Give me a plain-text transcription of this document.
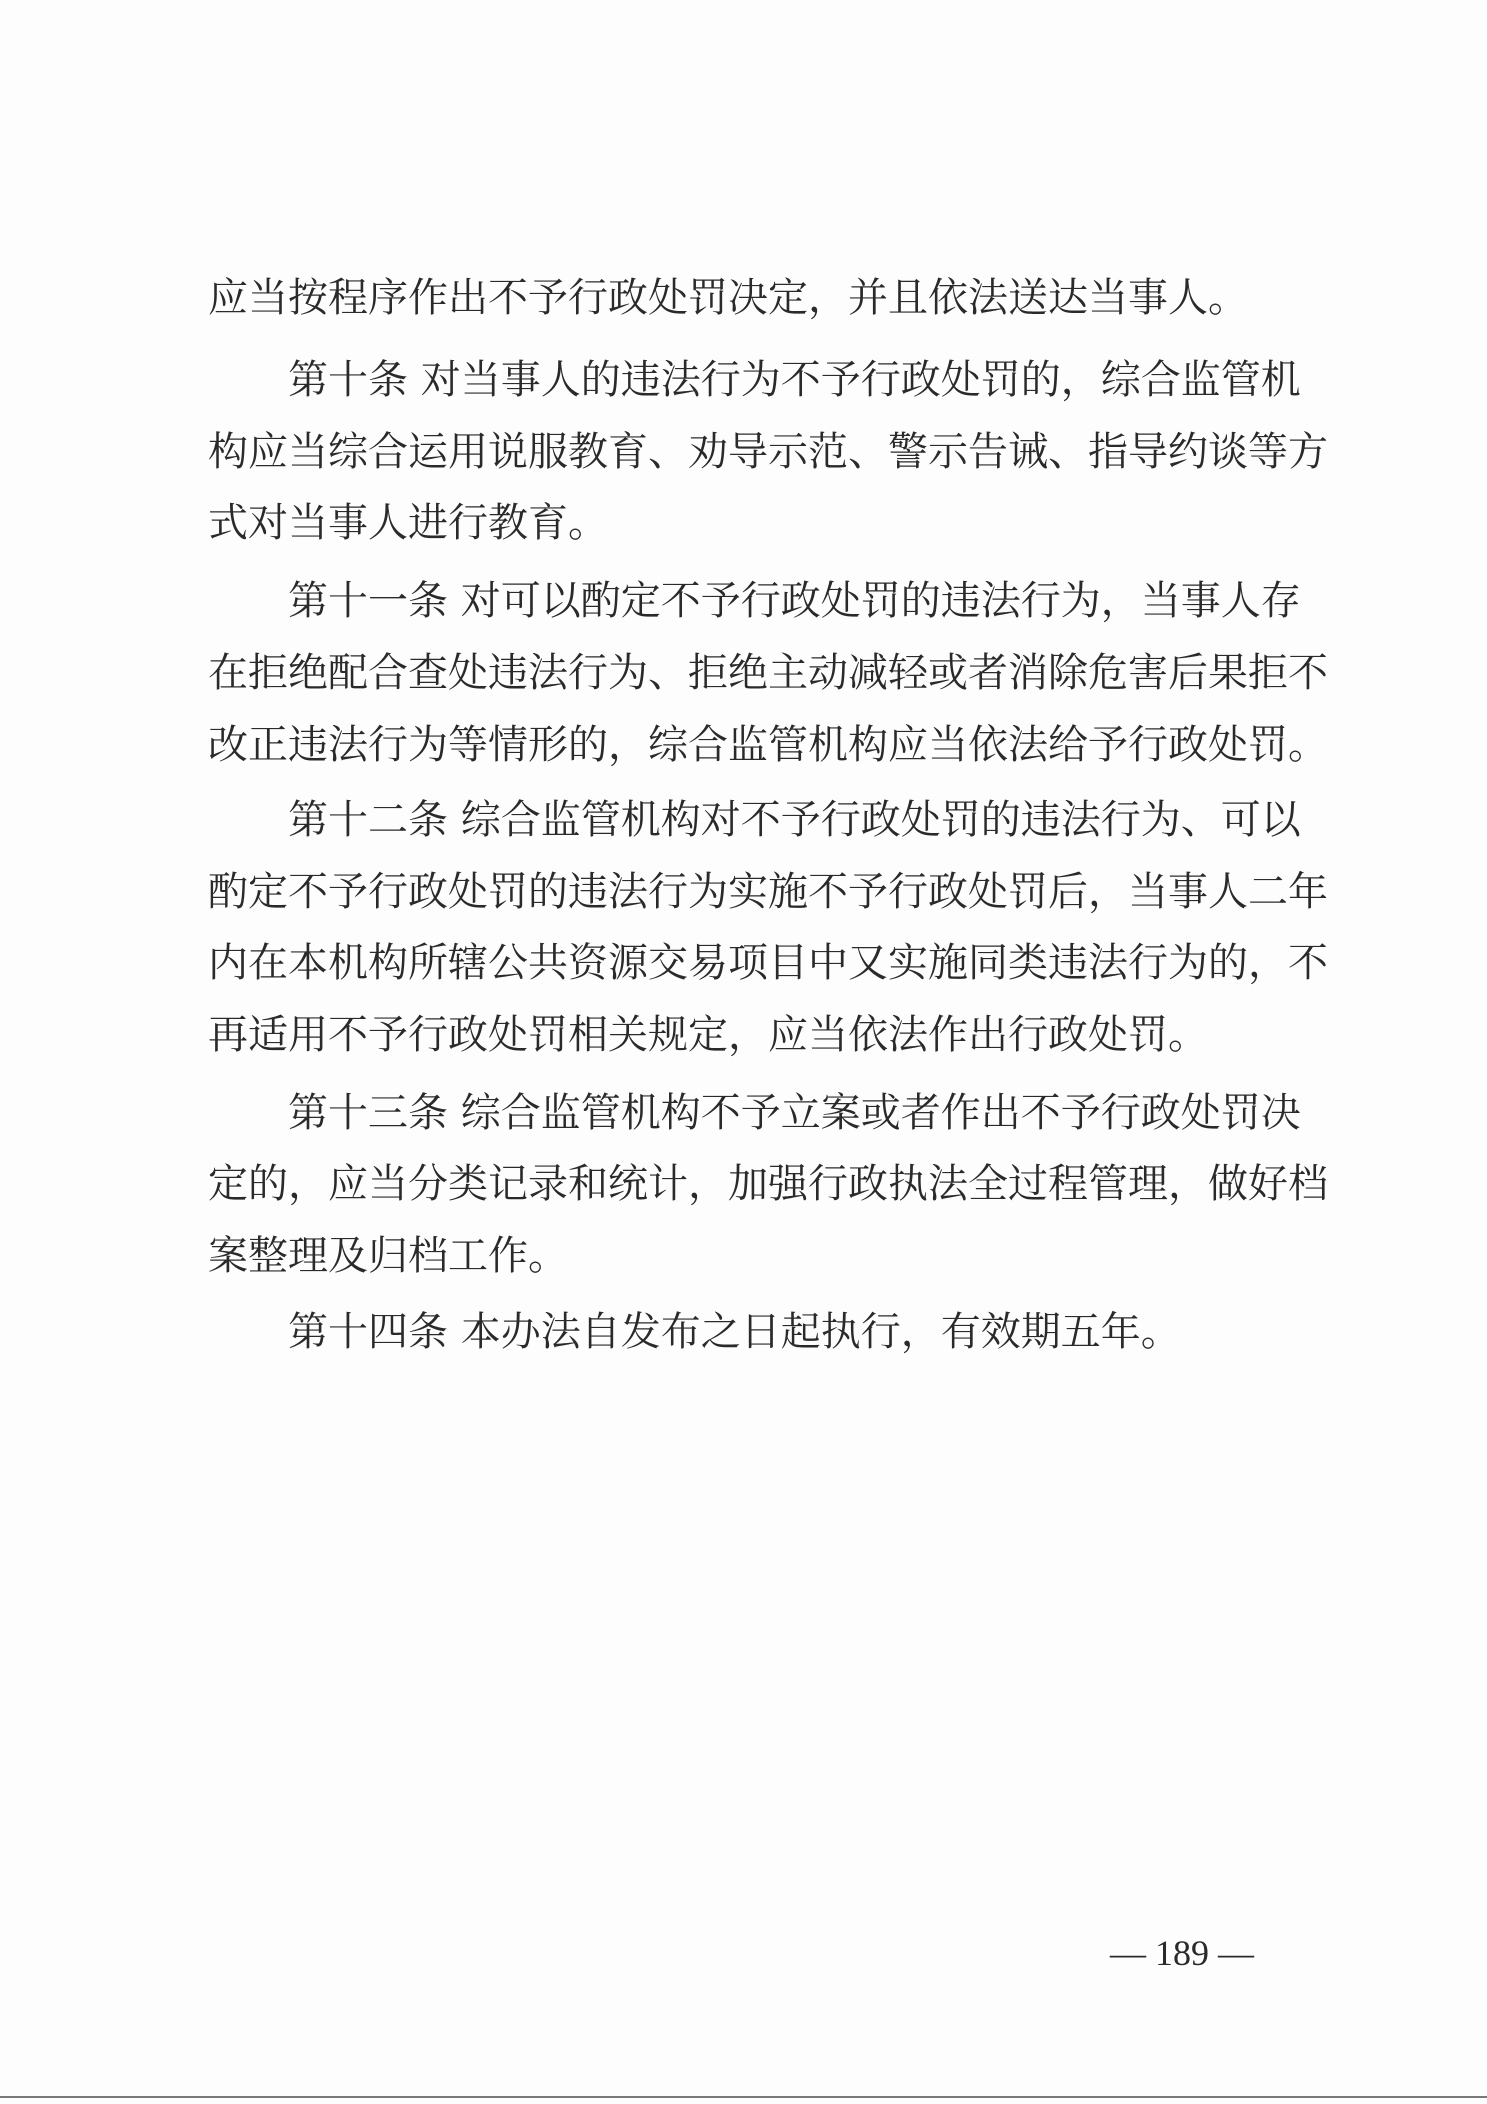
应当按程序作出不予行政处罚决定，并且依法送达当事人。
第十条 对当事人的违法行为不予行政处罚的，综合监管机
构应当综合运用说服教育、劝导示范、警示告诫、指导约谈等方
式对当事人进行教育。
第十一条 对可以酌定不予行政处罚的违法行为，当事人存
在拒绝配合查处违法行为、拒绝主动减轻或者消除危害后果拒不
改正违法行为等情形的，综合监管机构应当依法给予行政处罚。
第十二条 综合监管机构对不予行政处罚的违法行为、可以
酌定不予行政处罚的违法行为实施不予行政处罚后，当事人二年
内在本机构所辖公共资源交易项目中又实施同类违法行为的，不
再适用不予行政处罚相关规定，应当依法作出行政处罚。
第十三条 综合监管机构不予立案或者作出不予行政处罚决
定的，应当分类记录和统计，加强行政执法全过程管理，做好档
案整理及归档工作。
第十四条 本办法自发布之日起执行，有效期五年。
— 189 —
